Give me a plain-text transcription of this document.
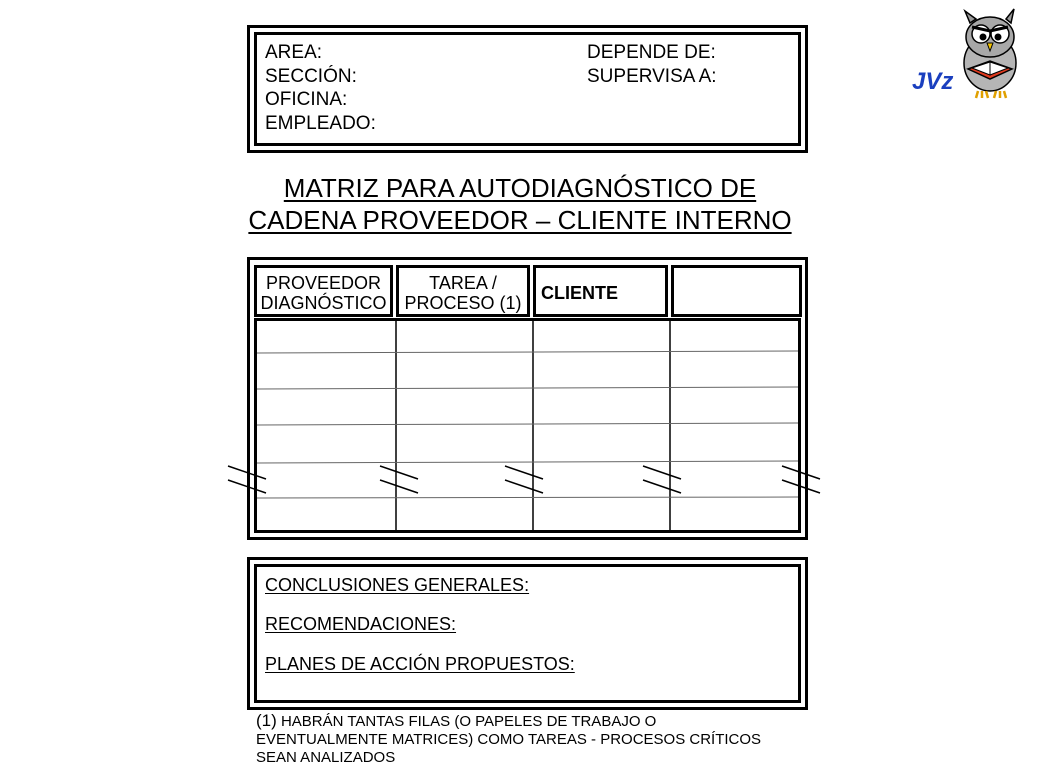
AREA:
SECCIÓN:
OFICINA:
EMPLEADO:
DEPENDE DE:
SUPERVISA A:	JVz
MATRIZ PARA AUTODIAGNÓSTICO DE
CADENA PROVEEDOR – CLIENTE INTERNO
PROVEEDOR
DIAGNÓSTICO
TAREA /
PROCESO (1)	CLIENTE
CONCLUSIONES GENERALES:
RECOMENDACIONES:
PLANES DE ACCIÓN PROPUESTOS:
(1) HABRÁN TANTAS FILAS (O PAPELES DE TRABAJO O
EVENTUALMENTE MATRICES) COMO TAREAS - PROCESOS CRÍTICOS
SEAN ANALIZADOS
